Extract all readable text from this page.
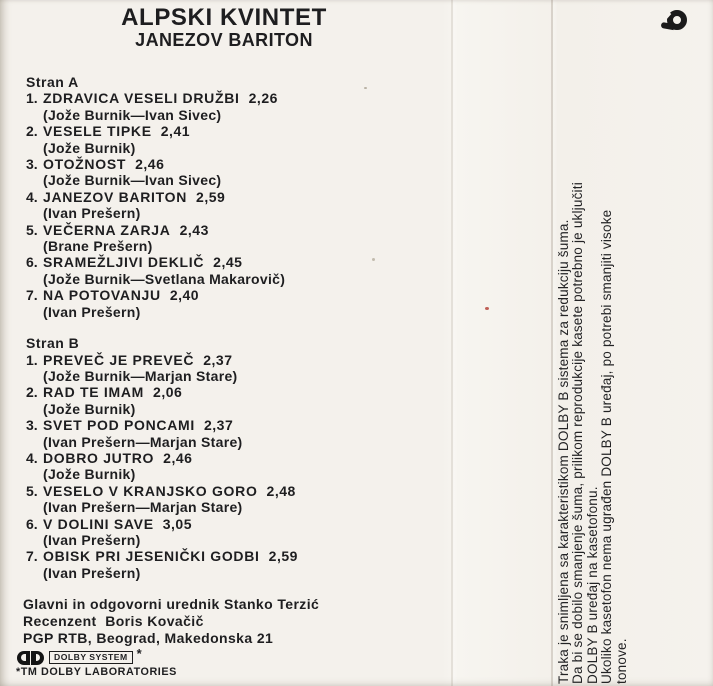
ALPSKI KVINTET
JANEZOV BARITON
Stran A
1. ZDRAVICA VESELI DRUŽBI 2,26
(Jože Burnik—Ivan Sivec)
2. VESELE TIPKE 2,41
(Jože Burnik)
3. OTOŽNOST 2,46
(Jože Burnik—Ivan Sivec)
4. JANEZOV BARITON 2,59
(Ivan Prešern)
5. VEČERNA ZARJA 2,43
(Brane Prešern)
6. SRAMEŽLJIVI DEKLIČ 2,45
(Jože Burnik—Svetlana Makarovič)
7. NA POTOVANJU 2,40
(Ivan Prešern)
Stran B
1. PREVEČ JE PREVEČ 2,37
(Jože Burnik—Marjan Stare)
2. RAD TE IMAM 2,06
(Jože Burnik)
3. SVET POD PONCAMI 2,37
(Ivan Prešern—Marjan Stare)
4. DOBRO JUTRO 2,46
(Jože Burnik)
5. VESELO V KRANJSKO GORO 2,48
(Ivan Prešern—Marjan Stare)
6. V DOLINI SAVE 3,05
(Ivan Prešern)
7. OBISK PRI JESENIČKI GODBI 2,59
(Ivan Prešern)
Glavni in odgovorni urednik Stanko Terzić
Recenzent  Boris Kovačič
PGP RTB, Beograd, Makedonska 21
DOLBY SYSTEM *
*TM DOLBY LABORATORIES	Traka je snimljena sa karakteristikom DOLBY B sistema za redukciju šuma. Da bi se dobilo smanjenje šuma, prilikom reprodukcije kasete potrebno je uključiti DOLBY B uređaj na kasetofonu. Ukoliko kasetofon nema ugrađen DOLBY B uređaj, po potrebi smanjiti visoke tonove.
